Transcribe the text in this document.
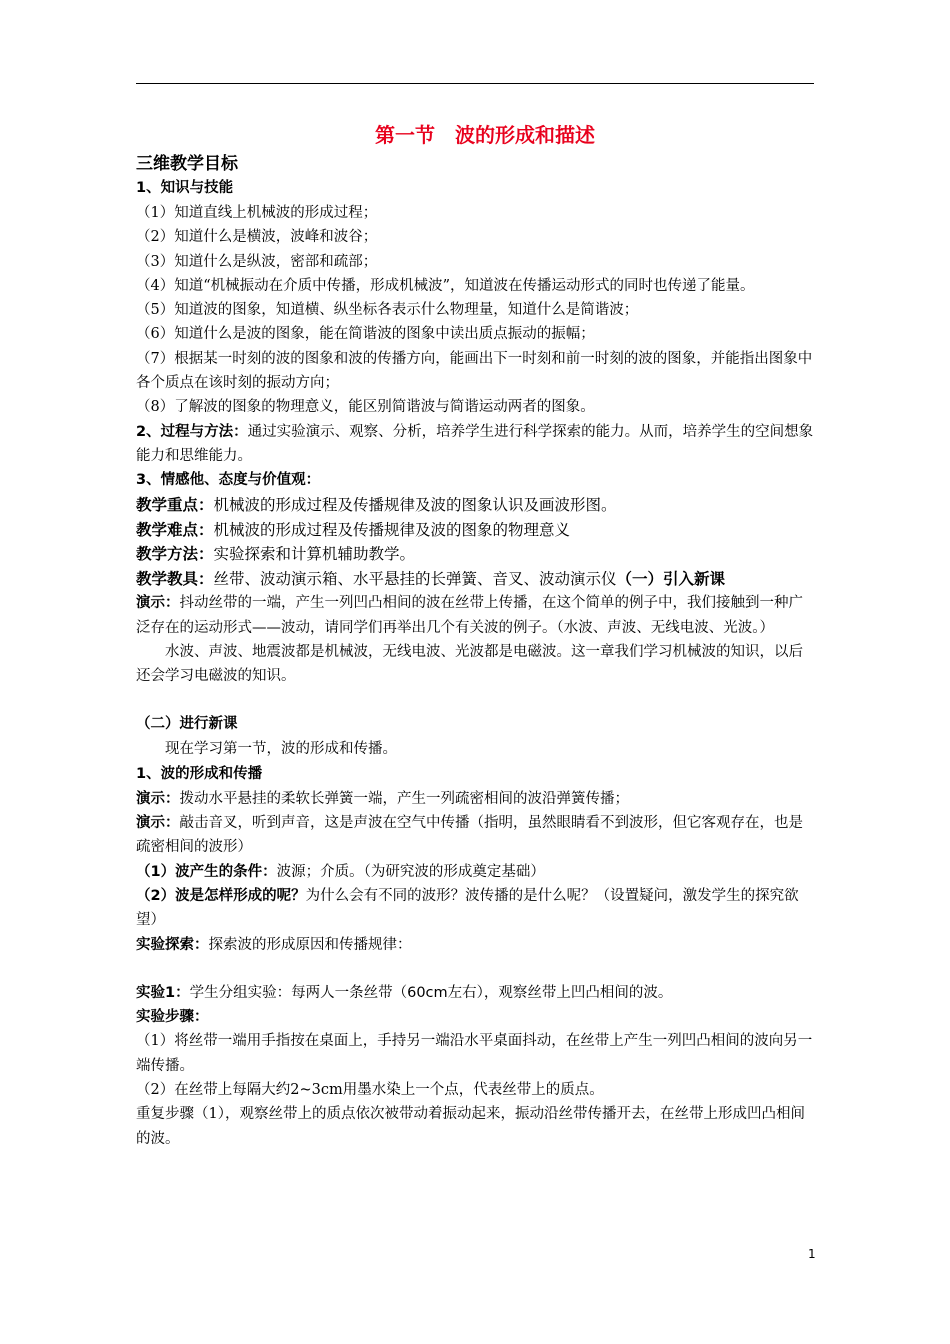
第一节　波的形成和描述
三维教学目标
1、知识与技能
（1）知道直线上机械波的形成过程；
（2）知道什么是横波，波峰和波谷；
（3）知道什么是纵波，密部和疏部；
（4）知道“机械振动在介质中传播，形成机械波”，知道波在传播运动形式的同时也传递了能量。
（5）知道波的图象，知道横、纵坐标各表示什么物理量，知道什么是简谐波；
（6）知道什么是波的图象，能在简谐波的图象中读出质点振动的振幅；
（7）根据某一时刻的波的图象和波的传播方向，能画出下一时刻和前一时刻的波的图象，并能指出图象中各个质点在该时刻的振动方向；
（8）了解波的图象的物理意义，能区别简谐波与简谐运动两者的图象。
2、过程与方法：通过实验演示、观察、分析，培养学生进行科学探索的能力。从而，培养学生的空间想象能力和思维能力。
3、情感他、态度与价值观：
教学重点：机械波的形成过程及传播规律及波的图象认识及画波形图。
教学难点：机械波的形成过程及传播规律及波的图象的物理意义
教学方法：实验探索和计算机辅助教学。
教学教具：丝带、波动演示箱、水平悬挂的长弹簧、音叉、波动演示仪（一）引入新课
演示：抖动丝带的一端，产生一列凹凸相间的波在丝带上传播，在这个简单的例子中，我们接触到一种广泛存在的运动形式——波动，请同学们再举出几个有关波的例子。（水波、声波、无线电波、光波。）
水波、声波、地震波都是机械波，无线电波、光波都是电磁波。这一章我们学习机械波的知识，以后还会学习电磁波的知识。
（二）进行新课
现在学习第一节，波的形成和传播。
1、波的形成和传播
演示：拨动水平悬挂的柔软长弹簧一端，产生一列疏密相间的波沿弹簧传播；
演示：敲击音叉，听到声音，这是声波在空气中传播（指明，虽然眼睛看不到波形，但它客观存在，也是疏密相间的波形）
（1）波产生的条件：波源；介质。（为研究波的形成奠定基础）
（2）波是怎样形成的呢？为什么会有不同的波形？波传播的是什么呢？（设置疑问，激发学生的探究欲望）
实验探索：探索波的形成原因和传播规律：
实验1：学生分组实验：每两人一条丝带（60cm左右），观察丝带上凹凸相间的波。
实验步骤：
（1）将丝带一端用手指按在桌面上，手持另一端沿水平桌面抖动，在丝带上产生一列凹凸相间的波向另一端传播。
（2）在丝带上每隔大约2~3cm用墨水染上一个点，代表丝带上的质点。
重复步骤（1），观察丝带上的质点依次被带动着振动起来，振动沿丝带传播开去，在丝带上形成凹凸相间的波。
1
